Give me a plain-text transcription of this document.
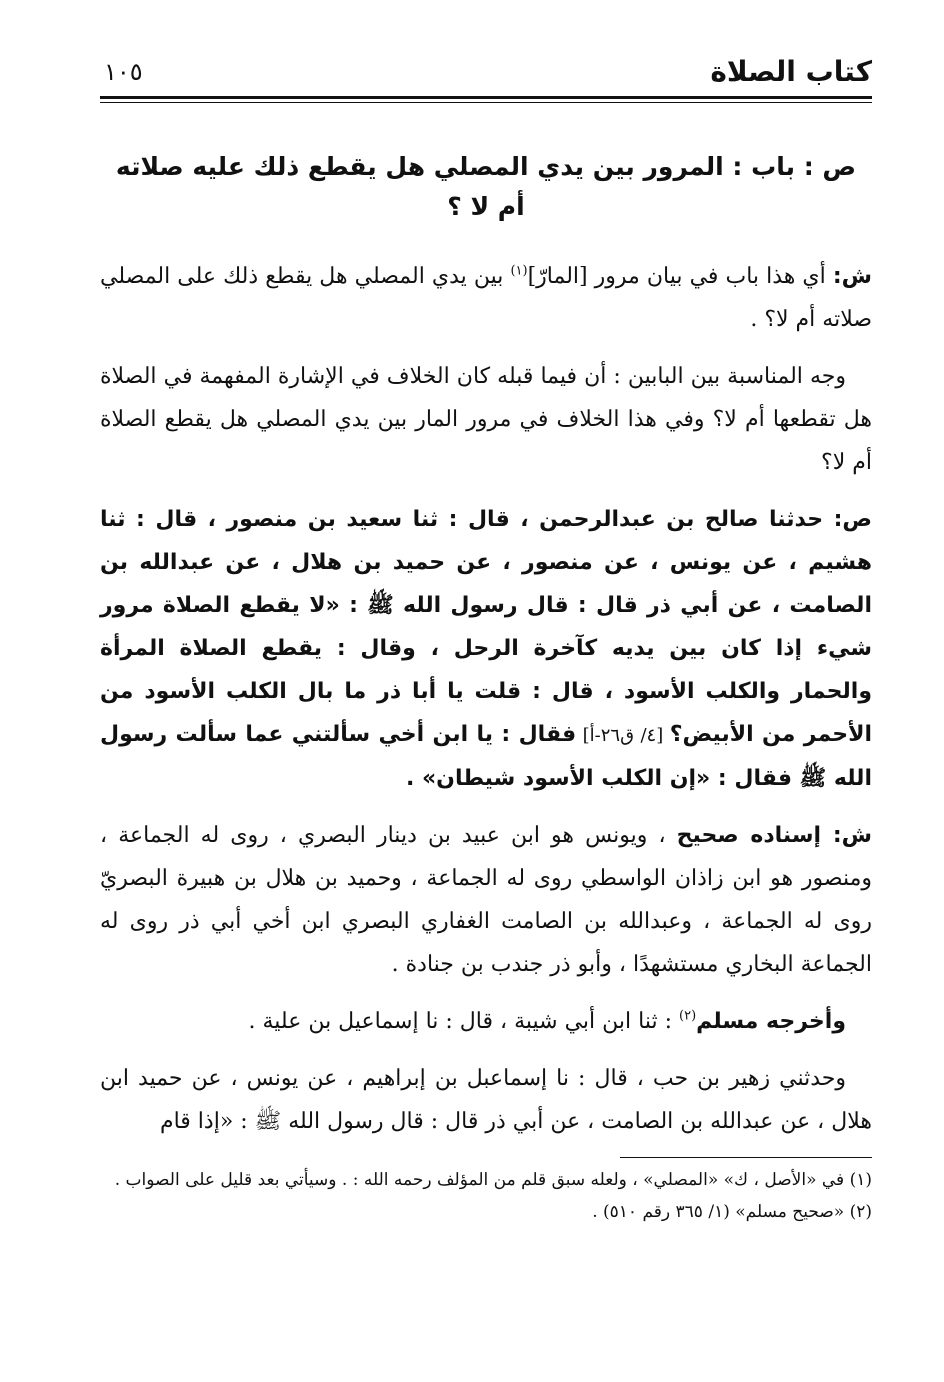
كتاب الصلاة
١٠٥
ص : باب : المرور بين يدي المصلي هل يقطع ذلك عليه صلاته أم لا ؟

ش: أي هذا باب في بيان مرور [المارّ]$^{(١)}$ بين يدي المصلي هل يقطع ذلك على المصلي صلاته أم لا؟ .

وجه المناسبة بين البابين : أن فيما قبله كان الخلاف في الإشارة المفهمة في الصلاة هل تقطعها أم لا؟ وفي هذا الخلاف في مرور المار بين يدي المصلي هل يقطع الصلاة أم لا؟

ص: حدثنا صالح بن عبدالرحمن ، قال : ثنا سعيد بن منصور ، قال : ثنا هشيم ، عن يونس ، عن منصور ، عن حميد بن هلال ، عن عبدالله بن الصامت ، عن أبي ذر قال : قال رسول الله ﷺ : «لا يقطع الصلاة مرور شيء إذا كان بين يديه كآخرة الرحل ، وقال : يقطع الصلاة المرأة والحمار والكلب الأسود ، قال : قلت يا أبا ذر ما بال الكلب الأسود من الأحمر من الأبيض؟ [٤/ ق٢٦-أ] فقال : يا ابن أخي سألتني عما سألت رسول الله ﷺ فقال : «إن الكلب الأسود شيطان» .

ش: إسناده صحيح ، ويونس هو ابن عبيد بن دينار البصري ، روى له الجماعة ، ومنصور هو ابن زاذان الواسطي روى له الجماعة ، وحميد بن هلال بن هبيرة البصريّ روى له الجماعة ، وعبدالله بن الصامت الغفاري البصري ابن أخي أبي ذر روى له الجماعة البخاري مستشهدًا ، وأبو ذر جندب بن جنادة .

وأخرجه مسلم$^{(٢)}$ : ثنا ابن أبي شيبة ، قال : نا إسماعيل بن علية .

وحدثني زهير بن حب ، قال : نا إسماعبل بن إبراهيم ، عن يونس ، عن حميد ابن هلال ، عن عبدالله بن الصامت ، عن أبي ذر قال : قال رسول الله ﷺ : «إذا قام

(١) في «الأصل ، ك» «المصلي» ، ولعله سبق قلم من المؤلف رحمه الله : . وسيأتي بعد قليل على الصواب .

(٢) «صحيح مسلم» (١/ ٣٦٥ رقم ٥١٠) .
